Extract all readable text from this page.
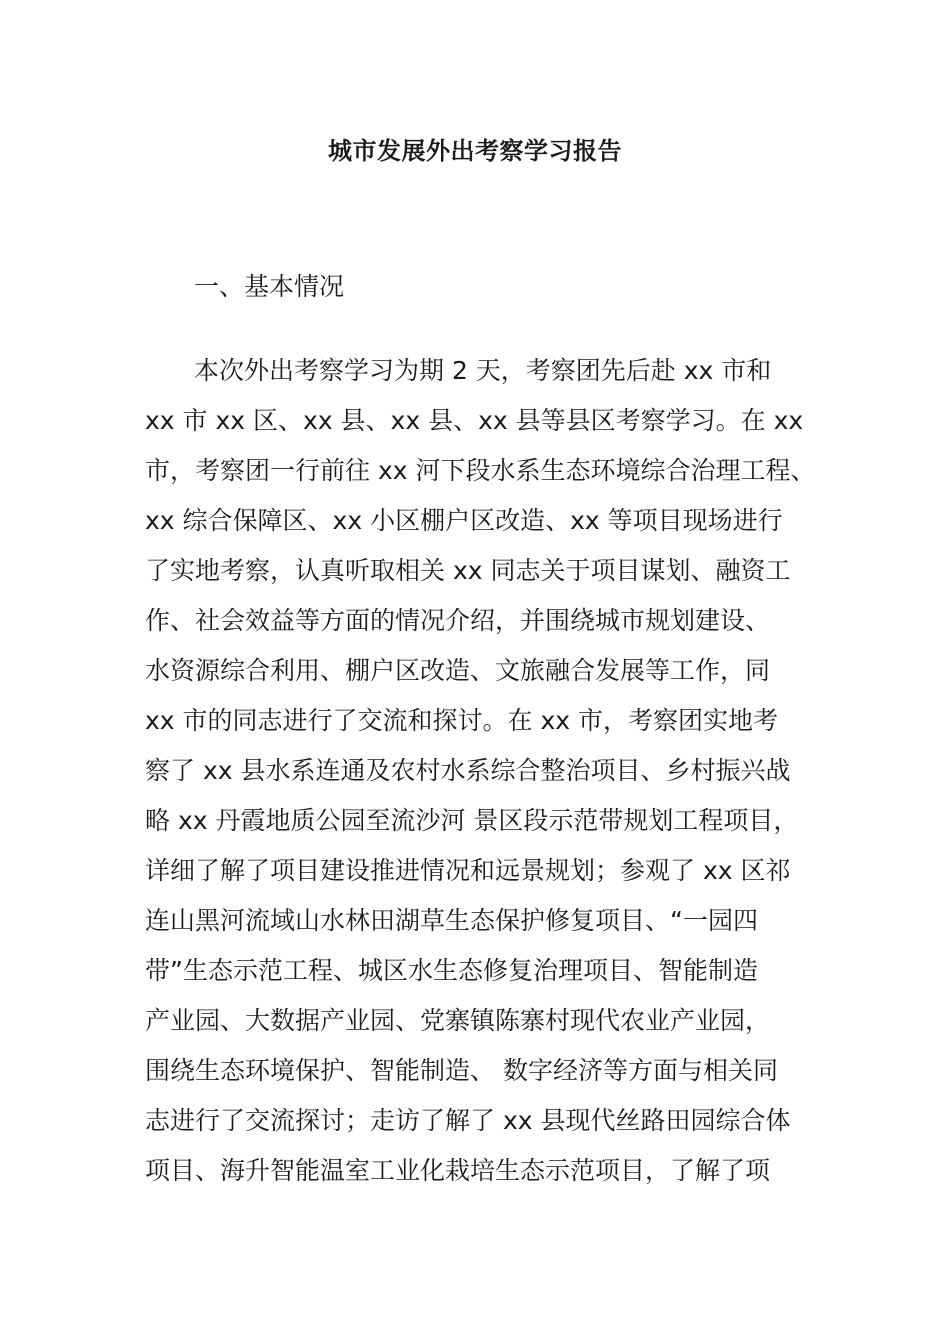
城市发展外出考察学习报告
一、基本情况
本次外出考察学习为期 2 天，考察团先后赴 xx 市和
xx 市 xx 区、xx 县、xx 县、xx 县等县区考察学习。在 xx
市，考察团一行前往 xx 河下段水系生态环境综合治理工程、
xx 综合保障区、xx 小区棚户区改造、xx 等项目现场进行
了实地考察，认真听取相关 xx 同志关于项目谋划、融资工
作、社会效益等方面的情况介绍，并围绕城市规划建设、
水资源综合利用、棚户区改造、文旅融合发展等工作，同
xx 市的同志进行了交流和探讨。在 xx 市，考察团实地考
察了 xx 县水系连通及农村水系综合整治项目、乡村振兴战
略 xx 丹霞地质公园至流沙河 景区段示范带规划工程项目，
详细了解了项目建设推进情况和远景规划；参观了 xx 区祁
连山黑河流域山水林田湖草生态保护修复项目、“一园四
带”生态示范工程、城区水生态修复治理项目、智能制造
产业园、大数据产业园、党寨镇陈寨村现代农业产业园，
围绕生态环境保护、智能制造、 数字经济等方面与相关同
志进行了交流探讨；走访了解了 xx 县现代丝路田园综合体
项目、海升智能温室工业化栽培生态示范项目，了解了项
